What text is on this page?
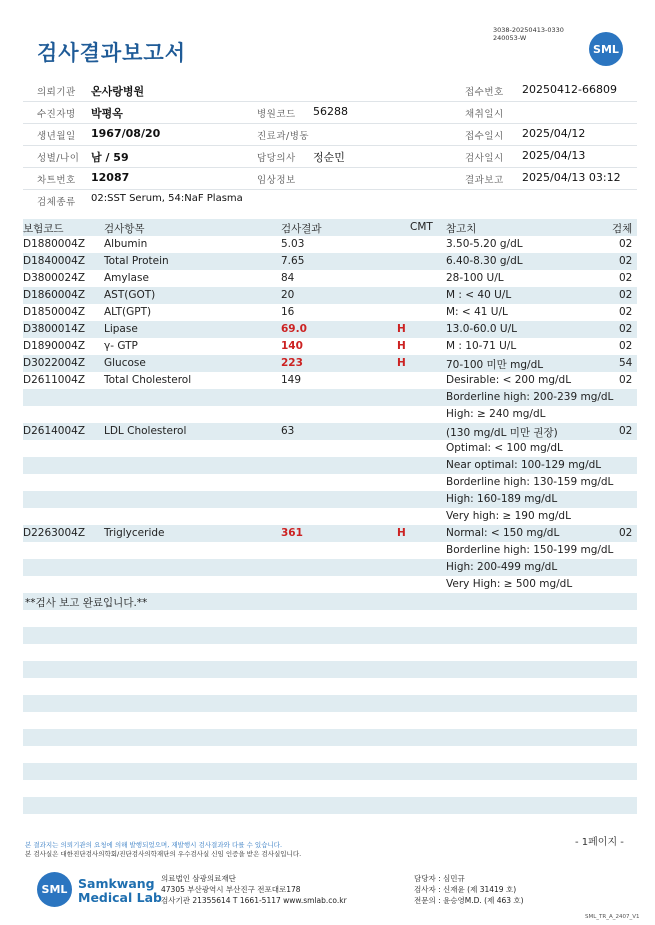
검사결과보고서
3038-20250413-0330
240053-W
SML
의뢰기관 온사랑병원	접수번호 20250412-66809
수진자명 박평옥	병원코드 56288	채취일시
생년월일 1967/08/20	진료과/병동	접수일시 2025/04/12
성별/나이 남 / 59	담당의사 정순민	검사일시 2025/04/13
차트번호 12087	임상정보	결과보고 2025/04/13 03:12
검체종류 02:SST Serum, 54:NaF Plasma
보험코드	검사항목	검사결과	CMT 참고치	검체
D1880004Z Albumin	5.03	3.50-5.20 g/dL	02
D1840004Z Total Protein	7.65	6.40-8.30 g/dL	02
D3800024Z Amylase	84	28-100 U/L	02
D1860004Z AST(GOT)	20	M : < 40 U/L	02
D1850004Z ALT(GPT)	16	M: < 41 U/L	02
D3800014Z Lipase	69.0	H	13.0-60.0 U/L	02
D1890004Z γ- GTP	140	H	M : 10-71 U/L	02
D3022004Z Glucose	223	H	70-100 미만 mg/dL	54
D2611004Z Total Cholesterol	149	Desirable: < 200 mg/dL	02
Borderline high: 200-239 mg/dL
High: ≥ 240 mg/dL
D2614004Z LDL Cholesterol	63	(130 mg/dL 미만 권장)	02
Optimal: < 100 mg/dL
Near optimal: 100-129 mg/dL
Borderline high: 130-159 mg/dL
High: 160-189 mg/dL
Very high: ≥ 190 mg/dL
D2263004Z Triglyceride	361	H	Normal: < 150 mg/dL	02
Borderline high: 150-199 mg/dL
High: 200-499 mg/dL
Very High: ≥ 500 mg/dL
**검사 보고 완료입니다.**
본 결과지는 의뢰기관의 요청에 의해 발행되었으며, 재발행시 검사결과와 다를 수 있습니다.
본 검사실은 대한진단검사의학회/진단검사의학재단의 우수검사실 신임 인증을 받은 검사실입니다.
- 1페이지 -
SML Samkwang
Medical Lab
의료법인 삼광의료재단
47305 부산광역시 부산진구 전포대로178
검사기관 21355614 T 1661-5117 www.smlab.co.kr
담당자 : 심민규
검사자 : 신재윤 (제 31419 호)
전문의 : 윤승영M.D. (제 463 호)
SML_TR_A_2407_V1
